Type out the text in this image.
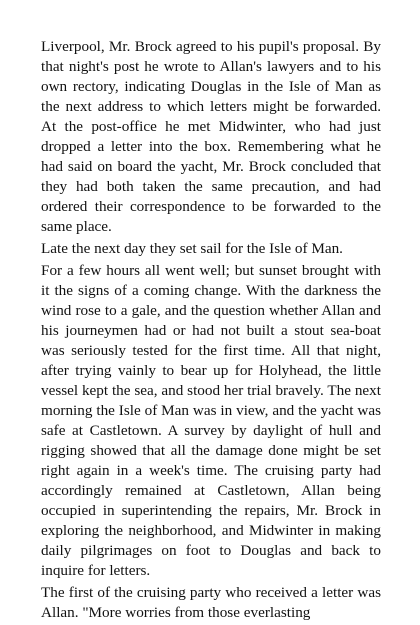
Liverpool, Mr. Brock agreed to his pupil's proposal. By that night's post he wrote to Allan's lawyers and to his own rectory, indicating Douglas in the Isle of Man as the next address to which letters might be forwarded. At the post-office he met Midwinter, who had just dropped a letter into the box. Remembering what he had said on board the yacht, Mr. Brock concluded that they had both taken the same precaution, and had ordered their correspondence to be forwarded to the same place.

Late the next day they set sail for the Isle of Man.

For a few hours all went well; but sunset brought with it the signs of a coming change. With the darkness the wind rose to a gale, and the question whether Allan and his journeymen had or had not built a stout sea-boat was seriously tested for the first time. All that night, after trying vainly to bear up for Holyhead, the little vessel kept the sea, and stood her trial bravely. The next morning the Isle of Man was in view, and the yacht was safe at Castletown. A survey by daylight of hull and rigging showed that all the damage done might be set right again in a week's time. The cruising party had accordingly remained at Castletown, Allan being occupied in superintending the repairs, Mr. Brock in exploring the neighborhood, and Midwinter in making daily pilgrimages on foot to Douglas and back to inquire for letters.

The first of the cruising party who received a letter was Allan. "More worries from those everlasting
